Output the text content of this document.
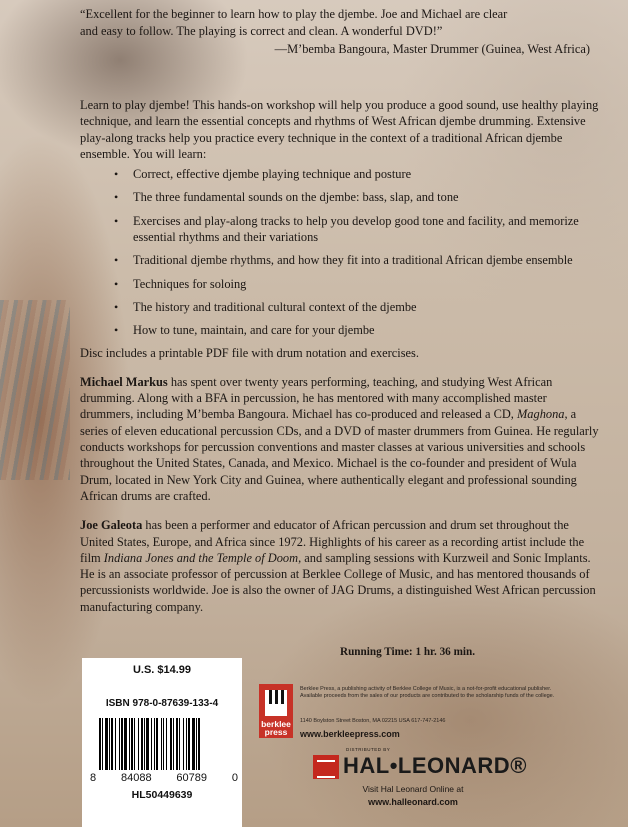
“Excellent for the beginner to learn how to play the djembe. Joe and Michael are clear

and easy to follow. The playing is correct and clean. A wonderful DVD!”

—M’bemba Bangoura, Master Drummer (Guinea, West Africa)

Learn to play djembe! This hands-on workshop will help you produce a good sound, use healthy playing technique, and learn the essential concepts and rhythms of West African djembe drumming. Extensive play-along tracks help you practice every technique in the context of a traditional African djembe ensemble. You will learn:

• Correct, effective djembe playing technique and posture
• The three fundamental sounds on the djembe: bass, slap, and tone
• Exercises and play-along tracks to help you develop good tone and facility, and memorize essential rhythms and their variations
• Traditional djembe rhythms, and how they fit into a traditional African djembe ensemble
• Techniques for soloing
• The history and traditional cultural context of the djembe
• How to tune, maintain, and care for your djembe

Disc includes a printable PDF file with drum notation and exercises.

Michael Markus has spent over twenty years performing, teaching, and studying West African drumming. Along with a BFA in percussion, he has mentored with many accomplished master drummers, including M’bemba Bangoura. Michael has co-produced and released a CD, Maghona, a series of eleven educational percussion CDs, and a DVD of master drummers from Guinea. He regularly conducts workshops for percussion conventions and master classes at various universities and schools throughout the United States, Canada, and Mexico. Michael is the co-founder and president of Wula Drum, located in New York City and Guinea, where authentically elegant and professional sounding African drums are crafted.

Joe Galeota has been a performer and educator of African percussion and drum set throughout the United States, Europe, and Africa since 1972. Highlights of his career as a recording artist include the film Indiana Jones and the Temple of Doom, and sampling sessions with Kurzweil and Sonic Implants. He is an associate professor of percussion at Berklee College of Music, and has mentored thousands of percussionists worldwide. Joe is also the owner of JAG Drums, a distinguished West African percussion manufacturing company.

Running Time: 1 hr. 36 min.
U.S. $14.99
ISBN 978-0-87639-133-4
8 84088 60789 0
HL50449639
berklee
press
Berklee Press, a publishing activity of Berklee College of Music, is a not-for-profit educational publisher. Available proceeds from the sales of our products are contributed to the scholarship funds of the college.
1140 Boylston Street Boston, MA 02215 USA 617-747-2146
www.berkleepress.com
DISTRIBUTED BY
HAL•LEONARD®
Visit Hal Leonard Online at
www.halleonard.com
